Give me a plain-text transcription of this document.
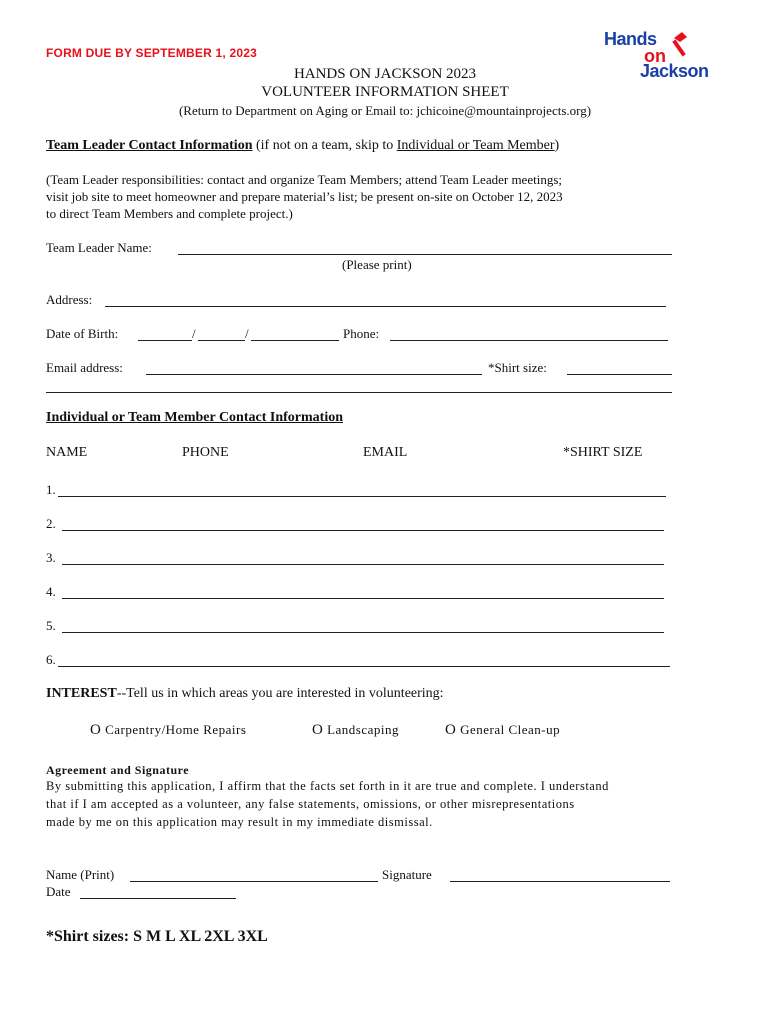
FORM DUE BY SEPTEMBER 1, 2023
Hands
on
Jackson
HANDS ON JACKSON 2023
VOLUNTEER INFORMATION SHEET
(Return to Department on Aging or Email to: jchicoine@mountainprojects.org)
Team Leader Contact Information (if not on a team, skip to Individual or Team Member)
(Team Leader responsibilities: contact and organize Team Members; attend Team Leader meetings;
visit job site to meet homeowner and prepare material’s list; be present on-site on October 12, 2023
to direct Team Members and complete project.)
Team Leader Name:
(Please print)
Address:
Date of Birth:	/	/	Phone:
Email address:	*Shirt size:
Individual or Team Member Contact Information
NAME	PHONE	EMAIL	*SHIRT SIZE
1.
2.
3.
4.
5.
6.
INTEREST--Tell us in which areas you are interested in volunteering:
O Carpentry/Home Repairs	O Landscaping	O General Clean-up
Agreement and Signature
By submitting this application, I affirm that the facts set forth in it are true and complete. I understand
that if I am accepted as a volunteer, any false statements, omissions, or other misrepresentations
made by me on this application may result in my immediate dismissal.
Name (Print)	Signature
Date
*Shirt sizes: S M L XL 2XL 3XL
